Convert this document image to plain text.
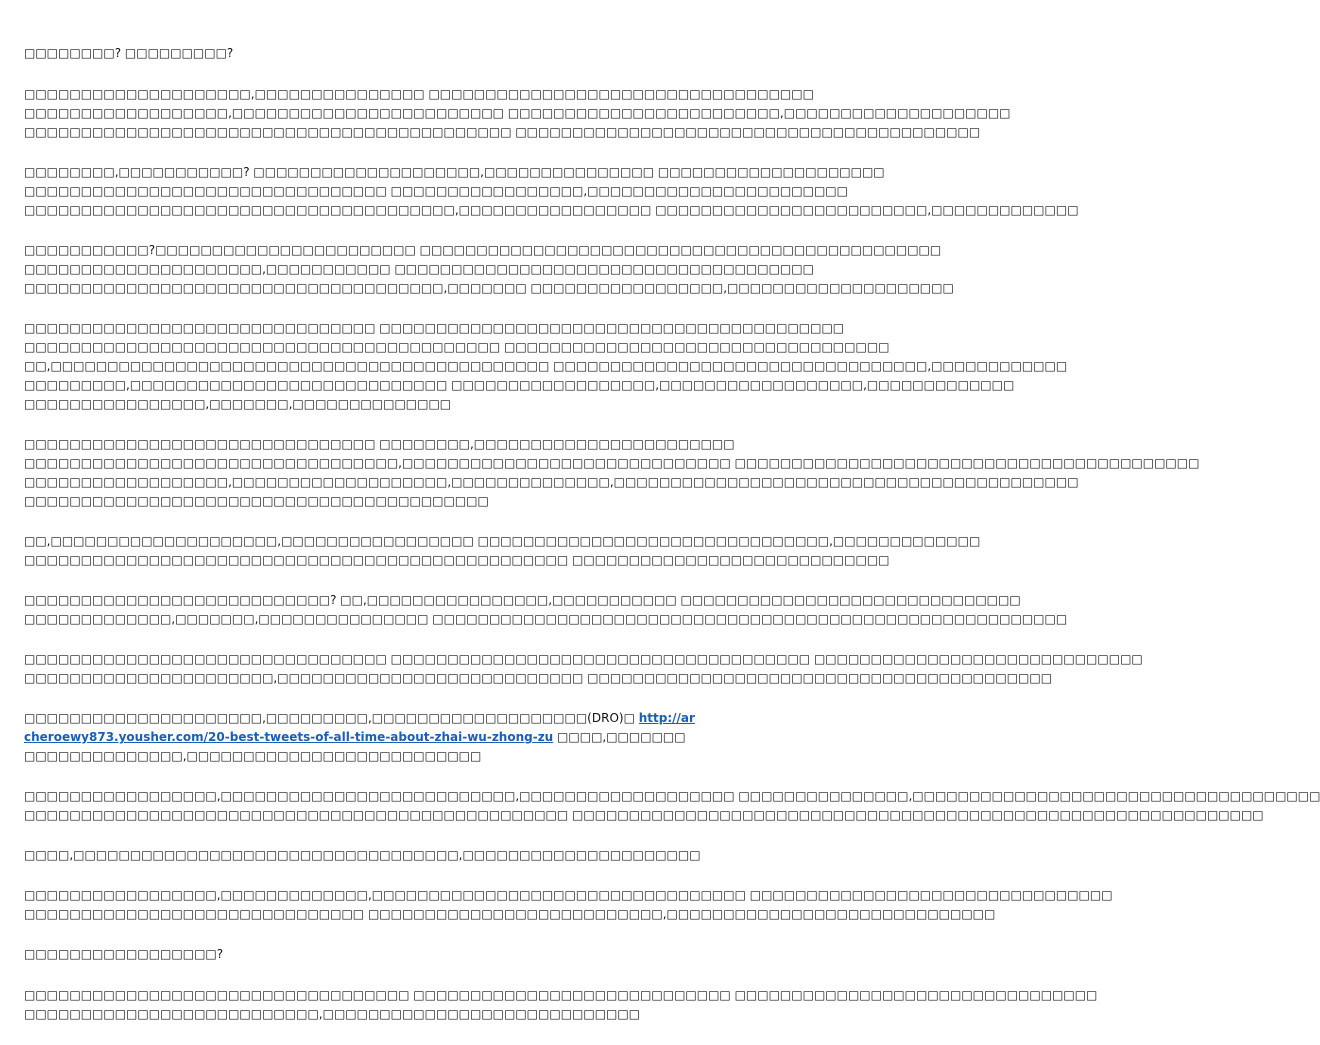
□□□□□□□□? □□□□□□□□□?

□□□□□□□□□□□□□□□□□□□□,□□□□□□□□□□□□□□□ □□□□□□□□□□□□□□□□□□□□□□□□□□□□□□□□□□
□□□□□□□□□□□□□□□□□□,□□□□□□□□□□□□□□□□□□□□□□□□ □□□□□□□□□□□□□□□□□□□□□□□□,□□□□□□□□□□□□□□□□□□□□
□□□□□□□□□□□□□□□□□□□□□□□□□□□□□□□□□□□□□□□□□□□ □□□□□□□□□□□□□□□□□□□□□□□□□□□□□□□□□□□□□□□□□

□□□□□□□□,□□□□□□□□□□□? □□□□□□□□□□□□□□□□□□□□,□□□□□□□□□□□□□□□ □□□□□□□□□□□□□□□□□□□□
□□□□□□□□□□□□□□□□□□□□□□□□□□□□□□□□ □□□□□□□□□□□□□□□□□,□□□□□□□□□□□□□□□□□□□□□□□
□□□□□□□□□□□□□□□□□□□□□□□□□□□□□□□□□□□□□□,□□□□□□□□□□□□□□□□□ □□□□□□□□□□□□□□□□□□□□□□□□,□□□□□□□□□□□□□

□□□□□□□□□□□?□□□□□□□□□□□□□□□□□□□□□□□ □□□□□□□□□□□□□□□□□□□□□□□□□□□□□□□□□□□□□□□□□□□□□□
□□□□□□□□□□□□□□□□□□□□□,□□□□□□□□□□□ □□□□□□□□□□□□□□□□□□□□□□□□□□□□□□□□□□□□□
□□□□□□□□□□□□□□□□□□□□□□□□□□□□□□□□□□□□□,□□□□□□□ □□□□□□□□□□□□□□□□□,□□□□□□□□□□□□□□□□□□□□

□□□□□□□□□□□□□□□□□□□□□□□□□□□□□□□ □□□□□□□□□□□□□□□□□□□□□□□□□□□□□□□□□□□□□□□□□
□□□□□□□□□□□□□□□□□□□□□□□□□□□□□□□□□□□□□□□□□□ □□□□□□□□□□□□□□□□□□□□□□□□□□□□□□□□□□
□□,□□□□□□□□□□□□□□□□□□□□□□□□□□□□□□□□□□□□□□□□□□□□ □□□□□□□□□□□□□□□□□□□□□□□□□□□□□□□□□,□□□□□□□□□□□□
□□□□□□□□□,□□□□□□□□□□□□□□□□□□□□□□□□□□□□ □□□□□□□□□□□□□□□□□□,□□□□□□□□□□□□□□□□□□,□□□□□□□□□□□□□
□□□□□□□□□□□□□□□□,□□□□□□□,□□□□□□□□□□□□□□

□□□□□□□□□□□□□□□□□□□□□□□□□□□□□□□ □□□□□□□□,□□□□□□□□□□□□□□□□□□□□□□□
□□□□□□□□□□□□□□□□□□□□□□□□□□□□□□□□□,□□□□□□□□□□□□□□□□□□□□□□□□□□□□□ □□□□□□□□□□□□□□□□□□□□□□□□□□□□□□□□□□□□□□□□□
□□□□□□□□□□□□□□□□□□,□□□□□□□□□□□□□□□□□□□,□□□□□□□□□□□□□□,□□□□□□□□□□□□□□□□□□□□□□□□□□□□□□□□□□□□□□□□□
□□□□□□□□□□□□□□□□□□□□□□□□□□□□□□□□□□□□□□□□□

□□,□□□□□□□□□□□□□□□□□□□□,□□□□□□□□□□□□□□□□□ □□□□□□□□□□□□□□□□□□□□□□□□□□□□□□□,□□□□□□□□□□□□□
□□□□□□□□□□□□□□□□□□□□□□□□□□□□□□□□□□□□□□□□□□□□□□□□ □□□□□□□□□□□□□□□□□□□□□□□□□□□□

□□□□□□□□□□□□□□□□□□□□□□□□□□□? □□,□□□□□□□□□□□□□□□□,□□□□□□□□□□□ □□□□□□□□□□□□□□□□□□□□□□□□□□□□□□
□□□□□□□□□□□□□,□□□□□□□,□□□□□□□□□□□□□□□ □□□□□□□□□□□□□□□□□□□□□□□□□□□□□□□□□□□□□□□□□□□□□□□□□□□□□□□□

□□□□□□□□□□□□□□□□□□□□□□□□□□□□□□□□ □□□□□□□□□□□□□□□□□□□□□□□□□□□□□□□□□□□□□ □□□□□□□□□□□□□□□□□□□□□□□□□□□□□
□□□□□□□□□□□□□□□□□□□□□□,□□□□□□□□□□□□□□□□□□□□□□□□□□□ □□□□□□□□□□□□□□□□□□□□□□□□□□□□□□□□□□□□□□□□□

□□□□□□□□□□□□□□□□□□□□□,□□□□□□□□□,□□□□□□□□□□□□□□□□□□□(DRO)□ http://archeroewy873.yousher.com/20-best-tweets-of-all-time-about-zhai-wu-zhong-zu □□□□,□□□□□□□□□□□□□□□□□□□□□,□□□□□□□□□□□□□□□□□□□□□□□□□□

□□□□□□□□□□□□□□□□□,□□□□□□□□□□□□□□□□□□□□□□□□□□,□□□□□□□□□□□□□□□□□□□ □□□□□□□□□□□□□□□,□□□□□□□□□□□□□□□□□□□□□□□□□□□□□□□□□□□□
□□□□□□□□□□□□□□□□□□□□□□□□□□□□□□□□□□□□□□□□□□□□□□□□ □□□□□□□□□□□□□□□□□□□□□□□□□□□□□□□□□□□□□□□□□□□□□□□□□□□□□□□□□□□□□

□□□□,□□□□□□□□□□□□□□□□□□□□□□□□□□□□□□□□□□,□□□□□□□□□□□□□□□□□□□□□

□□□□□□□□□□□□□□□□□,□□□□□□□□□□□□□,□□□□□□□□□□□□□□□□□□□□□□□□□□□□□□□□□ □□□□□□□□□□□□□□□□□□□□□□□□□□□□□□□□
□□□□□□□□□□□□□□□□□□□□□□□□□□□□□□ □□□□□□□□□□□□□□□□□□□□□□□□□□,□□□□□□□□□□□□□□□□□□□□□□□□□□□□□

□□□□□□□□□□□□□□□□□?

□□□□□□□□□□□□□□□□□□□□□□□□□□□□□□□□□□ □□□□□□□□□□□□□□□□□□□□□□□□□□□□ □□□□□□□□□□□□□□□□□□□□□□□□□□□□□□□□
□□□□□□□□□□□□□□□□□□□□□□□□□□,□□□□□□□□□□□□□□□□□□□□□□□□□□□□
